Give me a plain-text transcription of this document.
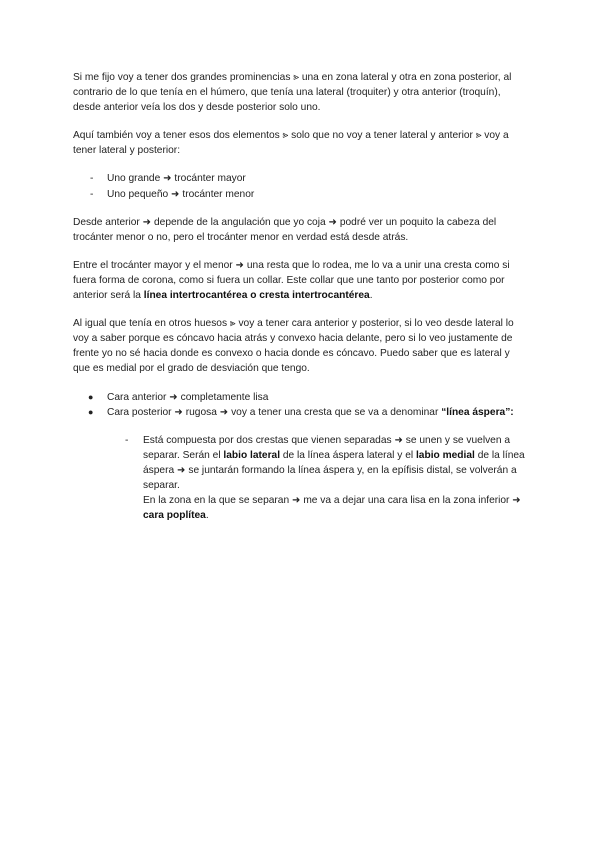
Si me fijo voy a tener dos grandes prominencias ⪢ una en zona lateral y otra en zona posterior, al contrario de lo que tenía en el húmero, que tenía una lateral (troquiter) y otra anterior (troquín), desde anterior veía los dos y desde posterior solo uno.

Aquí también voy a tener esos dos elementos ⪢ solo que no voy a tener lateral y anterior ⪢ voy a tener lateral y posterior:

- Uno grande ➜ trocánter mayor
- Uno pequeño ➜ trocánter menor

Desde anterior ➜ depende de la angulación que yo coja ➜ podré ver un poquito la cabeza del trocánter menor o no, pero el trocánter menor en verdad está desde atrás.

Entre el trocánter mayor y el menor ➜ una resta que lo rodea, me lo va a unir una cresta como si fuera forma de corona, como si fuera un collar. Este collar que une tanto por posterior como por anterior será la línea intertrocantérea o cresta intertrocantérea.

Al igual que tenía en otros huesos ⫸ voy a tener cara anterior y posterior, si lo veo desde lateral lo voy a saber porque es cóncavo hacia atrás y convexo hacia delante, pero si lo veo justamente de frente yo no sé hacia donde es convexo o hacia donde es cóncavo. Puedo saber que es lateral y que es medial por el grado de desviación que tengo.

● Cara anterior ➜ completamente lisa
● Cara posterior ➜ rugosa ➜ voy a tener una cresta que se va a denominar “línea áspera”:
- Está compuesta por dos crestas que vienen separadas ➜ se unen y se vuelven a separar. Serán el labio lateral de la línea áspera lateral y el labio medial de la línea áspera ➜ se juntarán formando la línea áspera y, en la epífisis distal, se volverán a separar.
En la zona en la que se separan ➜ me va a dejar una cara lisa en la zona inferior ➜ cara poplítea.
